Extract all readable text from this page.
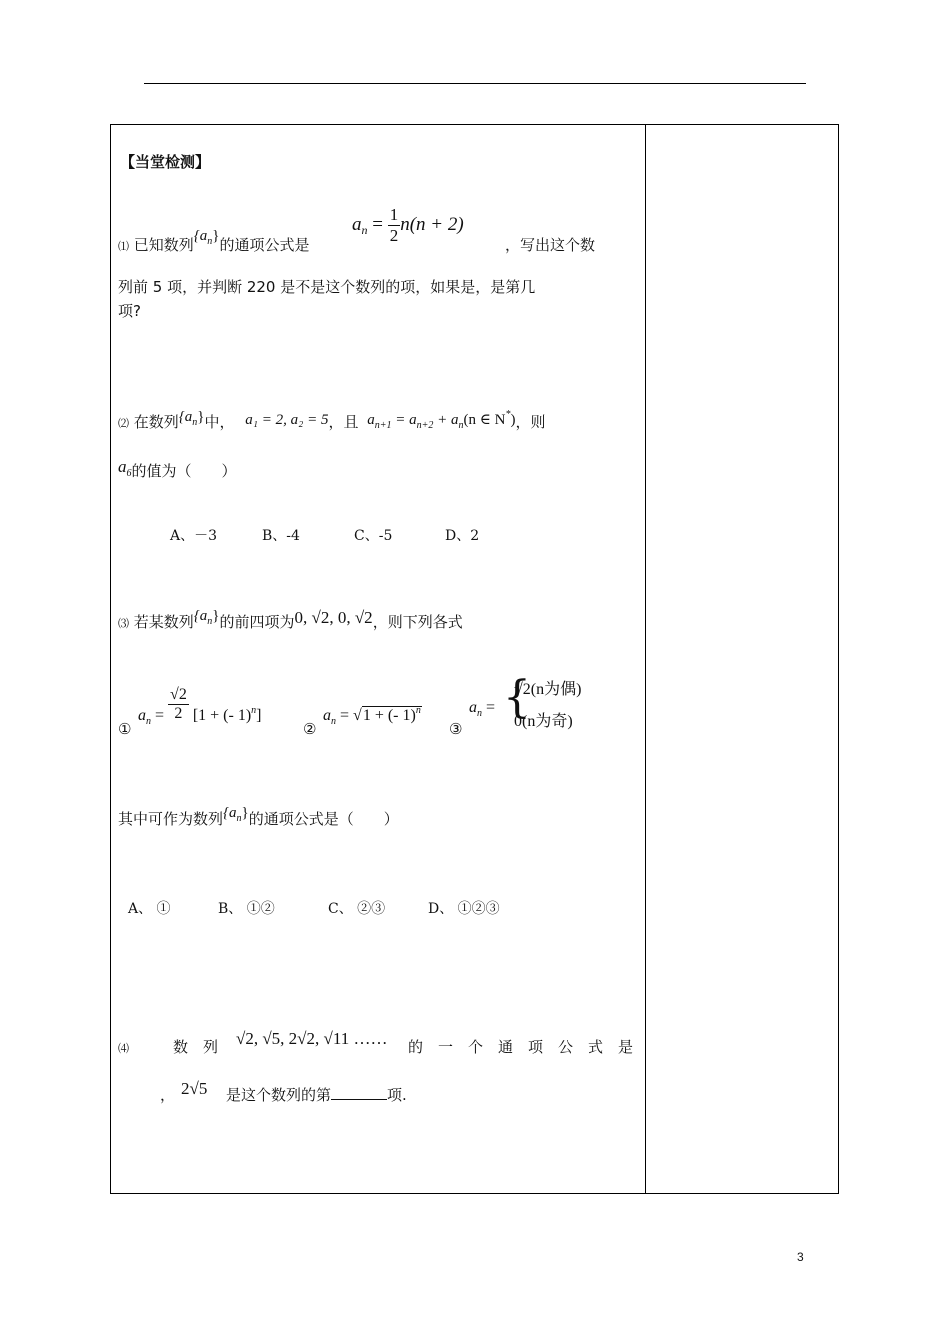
【当堂检测】
⑴ 已知数列$\{a_n\}$的通项公式是
$a_n = \frac{1}{2} n(n + 2)$
，写出这个数
列前 5 项，并判断 220 是不是这个数列的项，如果是，是第几
项?
⑵ 在数列$\{a_n\}$中， a₁ = 2, a₂ = 5，且 $a_{n+1} = a_{n+2} + a_n(n$ ∈ N*)，则
$a_6$的值为（　　）
A、－3	B、-4	C、-5	D、2
⑶ 若某数列$\{a_n\}$的前四项为0, √2, 0, √2，则下列各式
①
$a_n = \frac{√2}{2} [1$ + (- 1)$^n$]
②
$a_n = √1$ + (- 1)$^n$
③
$a_n$ = {
√2(n为偶)
0(n为奇)
其中可作为数列$\{a_n\}$的通项公式是（　　）
A、 ①	B、 ①②	C、 ②③	D、 ①②③
⑷	数　列 √2, √5, 2√2, √11 …… 的　一　个　通　项　公　式　是
， 2√5 是这个数列的第	项.
3
